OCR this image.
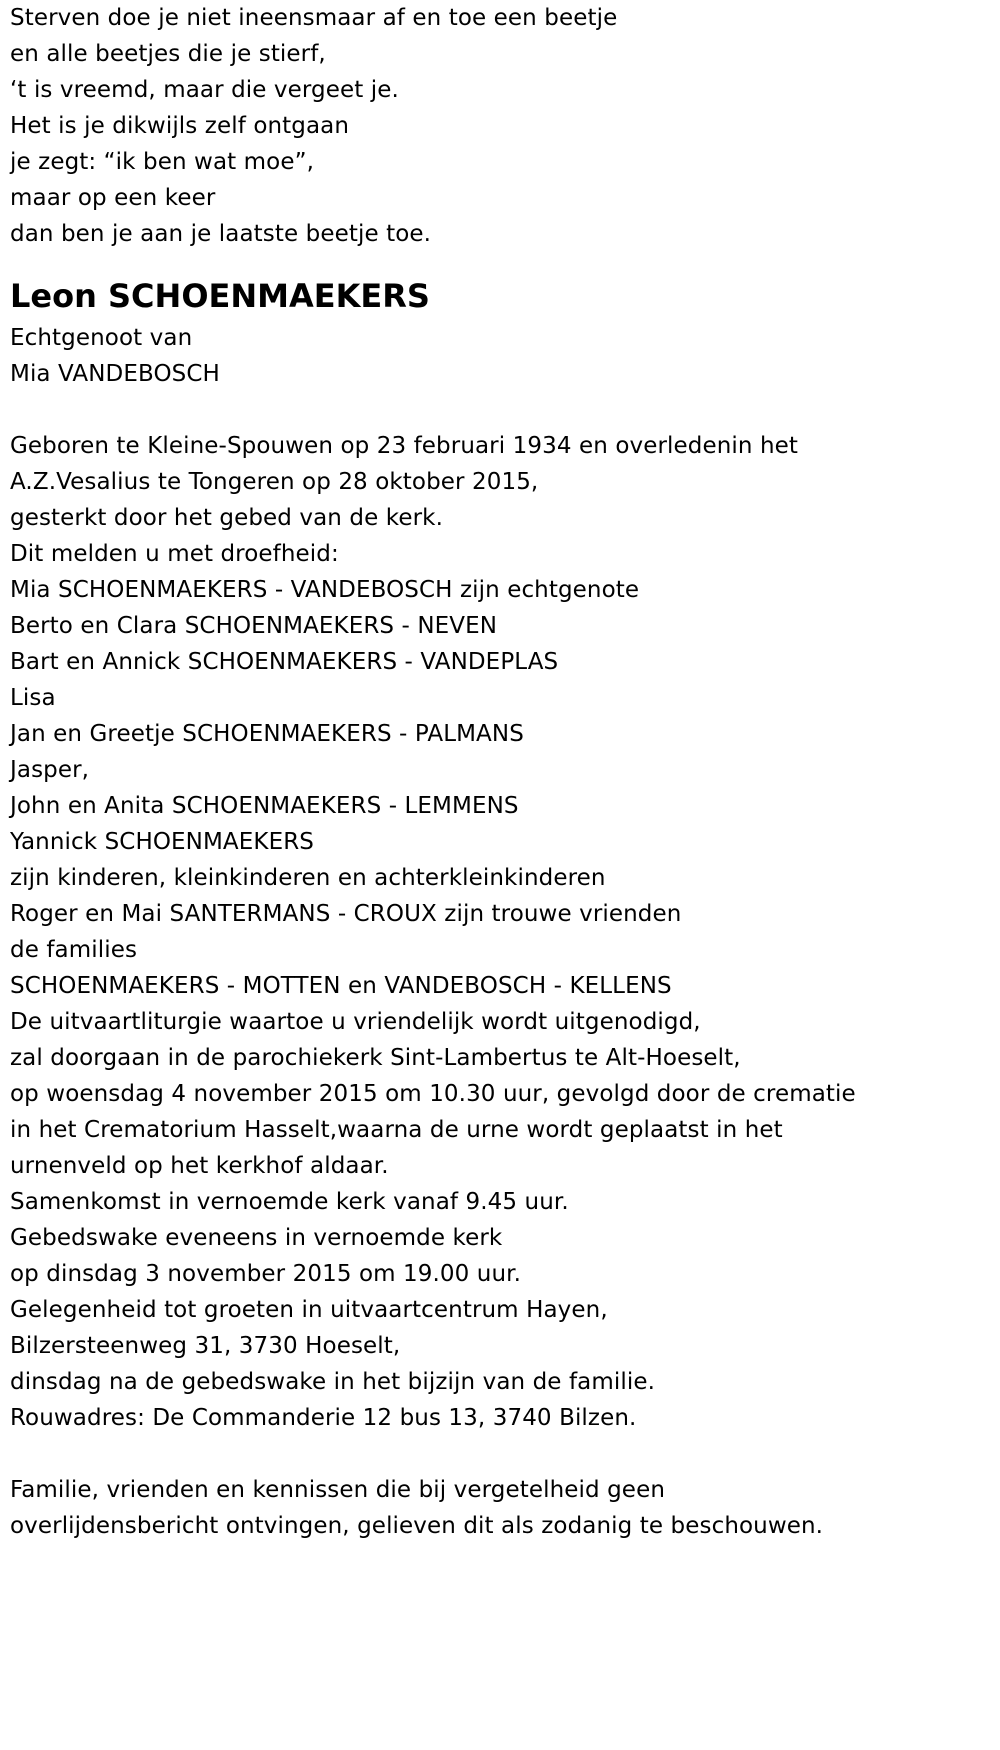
Sterven doe je niet ineensmaar af en toe een beetje
en alle beetjes die je stierf,
‘t is vreemd, maar die vergeet je.
Het is je dikwijls zelf ontgaan
je zegt: “ik ben wat moe”,
maar op een keer
dan ben je aan je laatste beetje toe.
Leon SCHOENMAEKERS
Echtgenoot van
Mia VANDEBOSCH
Geboren te Kleine-Spouwen op 23 februari 1934 en overledenin het
A.Z.Vesalius te Tongeren op 28 oktober 2015,
gesterkt door het gebed van de kerk.
Dit melden u met droefheid:
Mia SCHOENMAEKERS - VANDEBOSCH zijn echtgenote
Berto en Clara SCHOENMAEKERS - NEVEN
Bart en Annick SCHOENMAEKERS - VANDEPLAS
Lisa
Jan en Greetje SCHOENMAEKERS - PALMANS
Jasper,
John en Anita SCHOENMAEKERS - LEMMENS
Yannick SCHOENMAEKERS
zijn kinderen, kleinkinderen en achterkleinkinderen
Roger en Mai SANTERMANS - CROUX zijn trouwe vrienden
de families
SCHOENMAEKERS - MOTTEN en VANDEBOSCH - KELLENS
De uitvaartliturgie waartoe u vriendelijk wordt uitgenodigd,
zal doorgaan in de parochiekerk Sint-Lambertus te Alt-Hoeselt,
op woensdag 4 november 2015 om 10.30 uur, gevolgd door de crematie
in het Crematorium Hasselt,waarna de urne wordt geplaatst in het
urnenveld op het kerkhof aldaar.
Samenkomst in vernoemde kerk vanaf 9.45 uur.
Gebedswake eveneens in vernoemde kerk
op dinsdag 3 november 2015 om 19.00 uur.
Gelegenheid tot groeten in uitvaartcentrum Hayen,
Bilzersteenweg 31, 3730 Hoeselt,
dinsdag na de gebedswake in het bijzijn van de familie.
Rouwadres: De Commanderie 12 bus 13, 3740 Bilzen.
Familie, vrienden en kennissen die bij vergetelheid geen
overlijdensbericht ontvingen, gelieven dit als zodanig te beschouwen.
